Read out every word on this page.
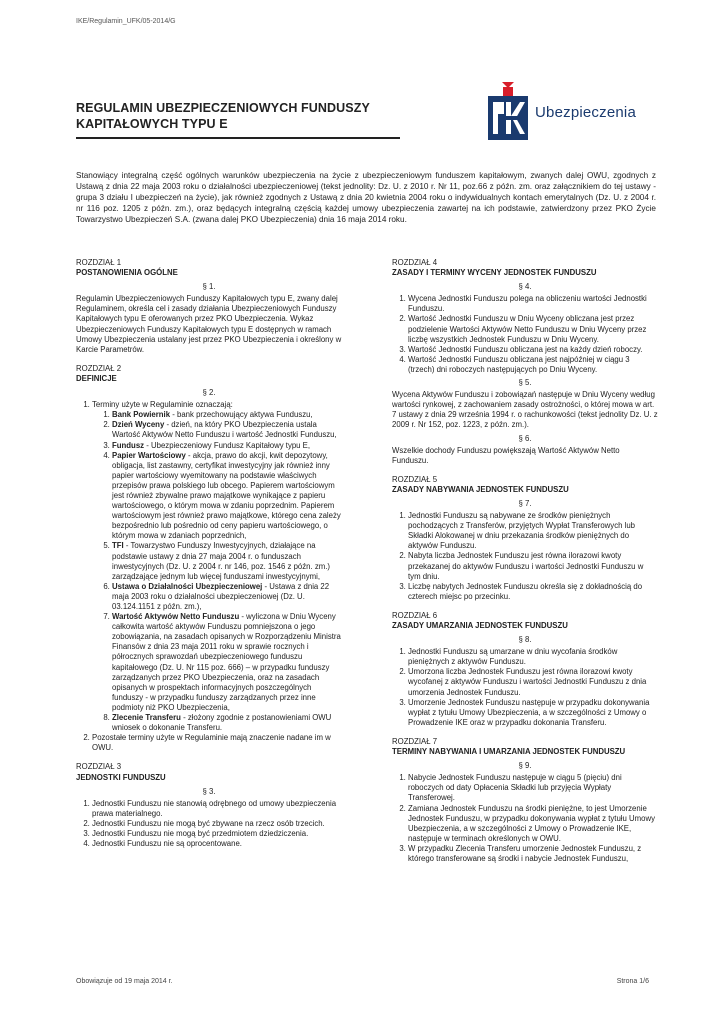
IKE/Regulamin_UFK/05-2014/G
REGULAMIN UBEZPIECZENIOWYCH FUNDUSZY
KAPITAŁOWYCH TYPU E
Ubezpieczenia
Stanowiący integralną część ogólnych warunków ubezpieczenia na życie z ubezpieczeniowym funduszem kapitałowym, zwanych dalej OWU, zgodnych z Ustawą z dnia 22 maja 2003 roku o działalności ubezpieczeniowej (tekst jednolity: Dz. U. z 2010 r. Nr 11, poz.66 z późn. zm. oraz załącznikiem do tej ustawy - grupa 3 działu I ubezpieczeń na życie), jak również zgodnych z Ustawą z dnia 20 kwietnia 2004 roku o indywidualnych kontach emerytalnych (Dz. U. z 2004 r. nr 116 poz. 1205 z późn. zm.), oraz będących integralną częścią każdej umowy ubezpieczenia zawartej na ich podstawie, zatwierdzony przez PKO Życie Towarzystwo Ubezpieczeń S.A. (zwana dalej PKO Ubezpieczenia) dnia 16 maja 2014 roku.
ROZDZIAŁ 1
POSTANOWIENIA OGÓLNE
§ 1.

Regulamin Ubezpieczeniowych Funduszy Kapitałowych typu E, zwany dalej Regulaminem, określa cel i zasady działania Ubezpieczeniowych Funduszy Kapitałowych typu E oferowanych przez PKO Ubezpieczenia. Wykaz Ubezpieczeniowych Funduszy Kapitałowych typu E dostępnych w ramach Umowy Ubezpieczenia ustalany jest przez PKO Ubezpieczenia i określony w Karcie Parametrów.

ROZDZIAŁ 2
DEFINICJE
§ 2.
1. Terminy użyte w Regulaminie oznaczają:
1. Bank Powiernik - bank przechowujący aktywa Funduszu,
2. Dzień Wyceny - dzień, na który PKO Ubezpieczenia ustala Wartość Aktywów Netto Funduszu i wartość Jednostki Funduszu,
3. Fundusz - Ubezpieczeniowy Fundusz Kapitałowy typu E,
4. Papier Wartościowy - akcja, prawo do akcji, kwit depozytowy, obligacja, list zastawny, certyfikat inwestycyjny jak również inny papier wartościowy wyemitowany na podstawie właściwych przepisów prawa polskiego lub obcego. Papierem wartościowym jest również zbywalne prawo majątkowe wynikające z papieru wartościowego, o którym mowa w zdaniu poprzednim. Papierem wartościowym jest również prawo majątkowe, którego cena zależy bezpośrednio lub pośrednio od ceny papieru wartościowego, o którym mowa w zdaniach poprzednich,
5. TFI - Towarzystwo Funduszy Inwestycyjnych, działające na podstawie ustawy z dnia 27 maja 2004 r. o funduszach inwestycyjnych (Dz. U. z 2004 r. nr 146, poz. 1546 z późn. zm.) zarządzające jednym lub więcej funduszami inwestycyjnymi,
6. Ustawa o Działalności Ubezpieczeniowej - Ustawa z dnia 22 maja 2003 roku o działalności ubezpieczeniowej (Dz. U. 03.124.1151 z późn. zm.),
7. Wartość Aktywów Netto Funduszu - wyliczona w Dniu Wyceny całkowita wartość aktywów Funduszu pomniejszona o jego zobowiązania, na zasadach opisanych w Rozporządzeniu Ministra Finansów z dnia 23 maja 2011 roku w sprawie rocznych i półrocznych sprawozdań ubezpieczeniowego funduszu kapitałowego (Dz. U. Nr 115 poz. 666) – w przypadku funduszy zarządzanych przez PKO Ubezpieczenia, oraz na zasadach opisanych w prospektach informacyjnych poszczególnych funduszy - w przypadku funduszy zarządzanych przez inne podmioty niż PKO Ubezpieczenia,
8. Zlecenie Transferu - złożony zgodnie z postanowieniami OWU wniosek o dokonanie Transferu.
2. Pozostałe terminy użyte w Regulaminie mają znaczenie nadane im w OWU.
ROZDZIAŁ 3
JEDNOSTKI FUNDUSZU
§ 3.
1. Jednostki Funduszu nie stanowią odrębnego od umowy ubezpieczenia prawa materialnego.
2. Jednostki Funduszu nie mogą być zbywane na rzecz osób trzecich.
3. Jednostki Funduszu nie mogą być przedmiotem dziedziczenia.
4. Jednostki Funduszu nie są oprocentowane.
ROZDZIAŁ 4
ZASADY I TERMINY WYCENY JEDNOSTEK FUNDUSZU
§ 4.
1. Wycena Jednostki Funduszu polega na obliczeniu wartości Jednostki Funduszu.
2. Wartość Jednostki Funduszu w Dniu Wyceny obliczana jest przez podzielenie Wartości Aktywów Netto Funduszu w Dniu Wyceny przez liczbę wszystkich Jednostek Funduszu w Dniu Wyceny.
3. Wartość Jednostki Funduszu obliczana jest na każdy dzień roboczy.
4. Wartość Jednostki Funduszu obliczana jest najpóźniej w ciągu 3 (trzech) dni roboczych następujących po Dniu Wyceny.
§ 5.

Wycena Aktywów Funduszu i zobowiązań następuje w Dniu Wyceny według wartości rynkowej, z zachowaniem zasady ostrożności, o której mowa w art. 7 ustawy z dnia 29 września 1994 r. o rachunkowości (tekst jednolity Dz. U. z 2009 r. Nr 152, poz. 1223, z późn. zm.).

§ 6.

Wszelkie dochody Funduszu powiększają Wartość Aktywów Netto Funduszu.

ROZDZIAŁ 5
ZASADY NABYWANIA JEDNOSTEK FUNDUSZU
§ 7.
1. Jednostki Funduszu są nabywane ze środków pieniężnych pochodzących z Transferów, przyjętych Wypłat Transferowych lub Składki Alokowanej w dniu przekazania środków pieniężnych do aktywów Funduszu.
2. Nabyta liczba Jednostek Funduszu jest równa ilorazowi kwoty przekazanej do aktywów Funduszu i wartości Jednostki Funduszu w tym dniu.
3. Liczbę nabytych Jednostek Funduszu określa się z dokładnością do czterech miejsc po przecinku.
ROZDZIAŁ 6
ZASADY UMARZANIA JEDNOSTEK FUNDUSZU
§ 8.
1. Jednostki Funduszu są umarzane w dniu wycofania środków pieniężnych z aktywów Funduszu.
2. Umorzona liczba Jednostek Funduszu jest równa ilorazowi kwoty wycofanej z aktywów Funduszu i wartości Jednostki Funduszu z dnia umorzenia Jednostek Funduszu.
3. Umorzenie Jednostek Funduszu następuje w przypadku dokonywania wypłat z tytułu Umowy Ubezpieczenia, a w szczególności z Umowy o Prowadzenie IKE oraz w przypadku dokonania Transferu.
ROZDZIAŁ 7
TERMINY NABYWANIA I UMARZANIA JEDNOSTEK FUNDUSZU
§ 9.
1. Nabycie Jednostek Funduszu następuje w ciągu 5 (pięciu) dni roboczych od daty Opłacenia Składki lub przyjęcia Wypłaty Transferowej.
2. Zamiana Jednostek Funduszu na środki pieniężne, to jest Umorzenie Jednostek Funduszu, w przypadku dokonywania wypłat z tytułu Umowy Ubezpieczenia, a w szczególności z Umowy o Prowadzenie IKE, następuje w terminach określonych w OWU.
3. W przypadku Zlecenia Transferu umorzenie Jednostek Funduszu, z którego transferowane są środki i nabycie Jednostek Funduszu,
Obowiązuje od 19 maja 2014 r.	Strona 1/6
